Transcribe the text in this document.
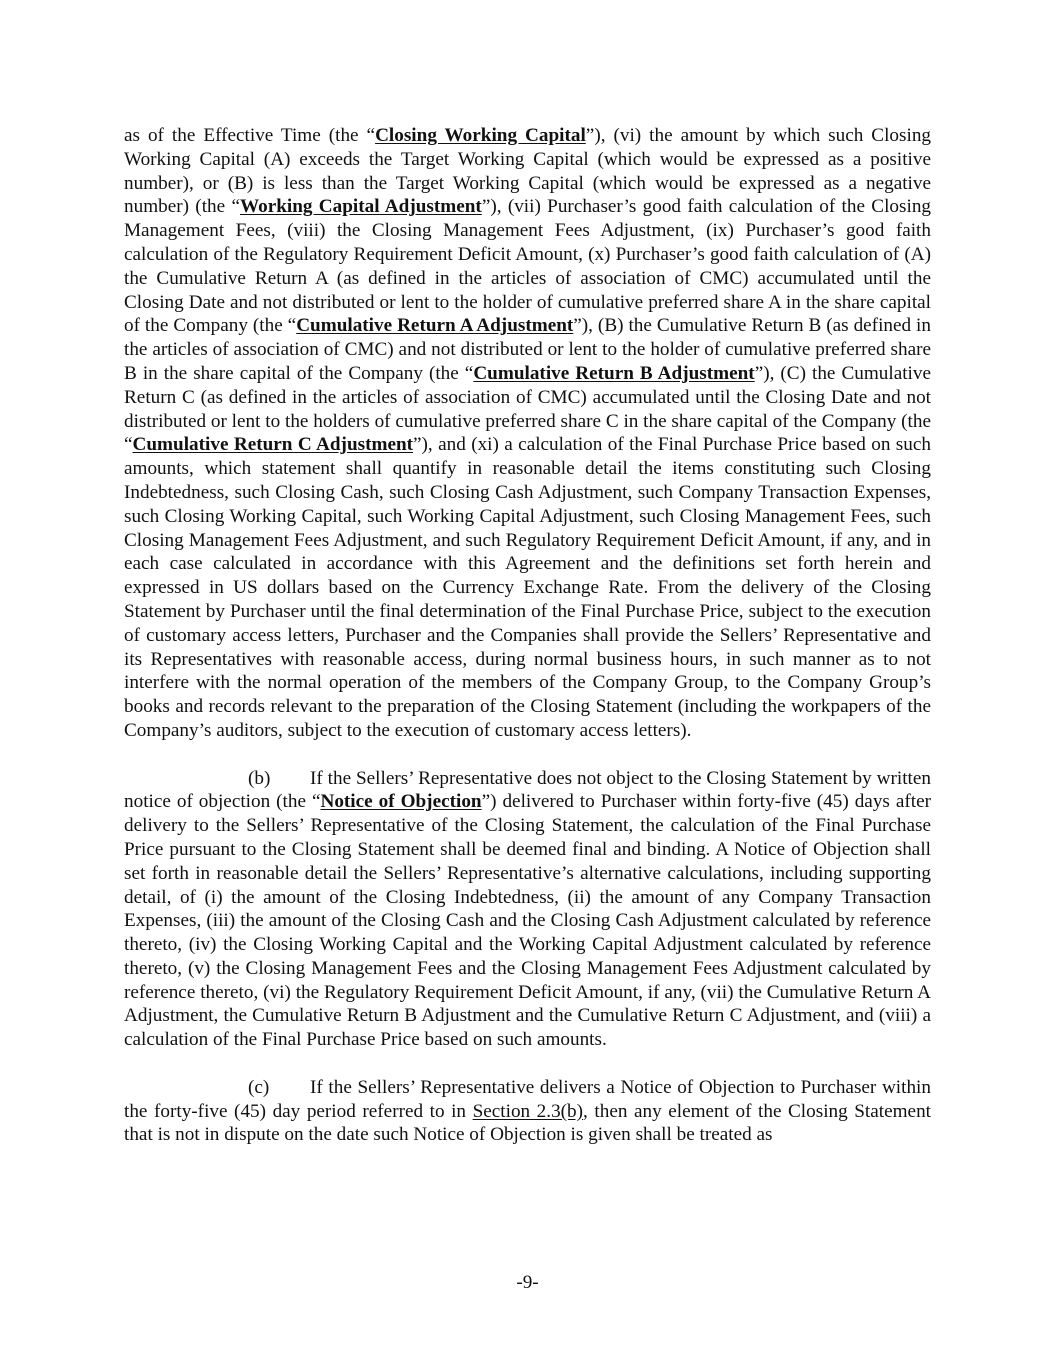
as of the Effective Time (the “Closing Working Capital”), (vi) the amount by which such Closing Working Capital (A) exceeds the Target Working Capital (which would be expressed as a positive number), or (B) is less than the Target Working Capital (which would be expressed as a negative number) (the “Working Capital Adjustment”), (vii) Purchaser’s good faith calculation of the Closing Management Fees, (viii) the Closing Management Fees Adjustment, (ix) Purchaser’s good faith calculation of the Regulatory Requirement Deficit Amount, (x) Purchaser’s good faith calculation of (A) the Cumulative Return A (as defined in the articles of association of CMC) accumulated until the Closing Date and not distributed or lent to the holder of cumulative preferred share A in the share capital of the Company (the “Cumulative Return A Adjustment”), (B) the Cumulative Return B (as defined in the articles of association of CMC) and not distributed or lent to the holder of cumulative preferred share B in the share capital of the Company (the “Cumulative Return B Adjustment”), (C) the Cumulative Return C (as defined in the articles of association of CMC) accumulated until the Closing Date and not distributed or lent to the holders of cumulative preferred share C in the share capital of the Company (the “Cumulative Return C Adjustment”), and (xi) a calculation of the Final Purchase Price based on such amounts, which statement shall quantify in reasonable detail the items constituting such Closing Indebtedness, such Closing Cash, such Closing Cash Adjustment, such Company Transaction Expenses, such Closing Working Capital, such Working Capital Adjustment, such Closing Management Fees, such Closing Management Fees Adjustment, and such Regulatory Requirement Deficit Amount, if any, and in each case calculated in accordance with this Agreement and the definitions set forth herein and expressed in US dollars based on the Currency Exchange Rate. From the delivery of the Closing Statement by Purchaser until the final determination of the Final Purchase Price, subject to the execution of customary access letters, Purchaser and the Companies shall provide the Sellers’ Representative and its Representatives with reasonable access, during normal business hours, in such manner as to not interfere with the normal operation of the members of the Company Group, to the Company Group’s books and records relevant to the preparation of the Closing Statement (including the workpapers of the Company’s auditors, subject to the execution of customary access letters).

(b) If the Sellers’ Representative does not object to the Closing Statement by written notice of objection (the “Notice of Objection”) delivered to Purchaser within forty-five (45) days after delivery to the Sellers’ Representative of the Closing Statement, the calculation of the Final Purchase Price pursuant to the Closing Statement shall be deemed final and binding. A Notice of Objection shall set forth in reasonable detail the Sellers’ Representative’s alternative calculations, including supporting detail, of (i) the amount of the Closing Indebtedness, (ii) the amount of any Company Transaction Expenses, (iii) the amount of the Closing Cash and the Closing Cash Adjustment calculated by reference thereto, (iv) the Closing Working Capital and the Working Capital Adjustment calculated by reference thereto, (v) the Closing Management Fees and the Closing Management Fees Adjustment calculated by reference thereto, (vi) the Regulatory Requirement Deficit Amount, if any, (vii) the Cumulative Return A Adjustment, the Cumulative Return B Adjustment and the Cumulative Return C Adjustment, and (viii) a calculation of the Final Purchase Price based on such amounts.

(c) If the Sellers’ Representative delivers a Notice of Objection to Purchaser within the forty-five (45) day period referred to in Section 2.3(b), then any element of the Closing Statement that is not in dispute on the date such Notice of Objection is given shall be treated as

-9-
